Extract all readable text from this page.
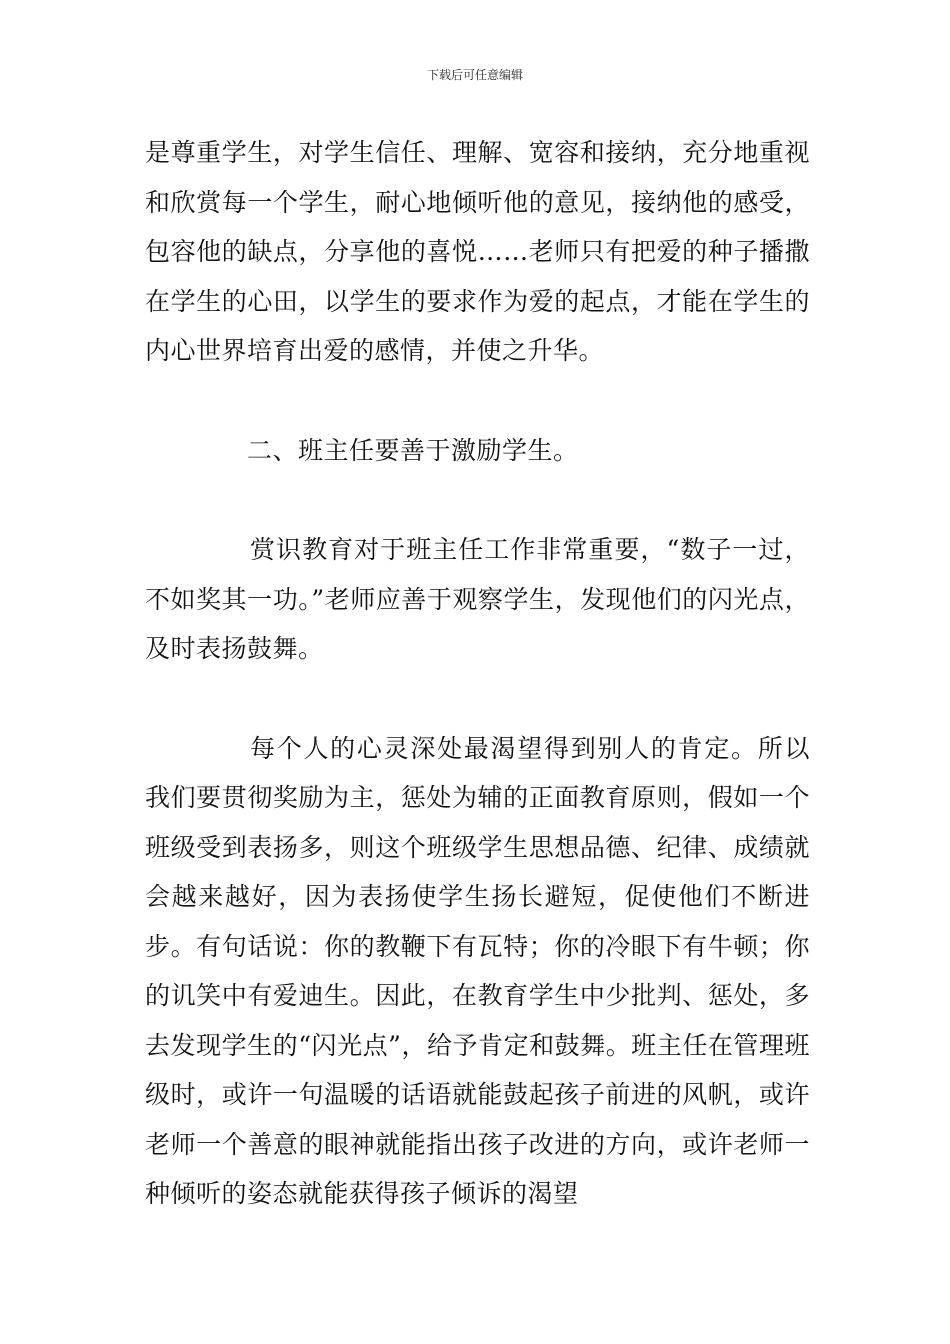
下载后可任意编辑

是尊重学生，对学生信任、理解、宽容和接纳，充分地重视和欣赏每一个学生，耐心地倾听他的意见，接纳他的感受，包容他的缺点，分享他的喜悦……老师只有把爱的种子播撒在学生的心田，以学生的要求作为爱的起点，才能在学生的内心世界培育出爱的感情，并使之升华。

二、班主任要善于激励学生。

赏识教育对于班主任工作非常重要，“数子一过，不如奖其一功。”老师应善于观察学生，发现他们的闪光点，及时表扬鼓舞。

每个人的心灵深处最渴望得到别人的肯定。所以我们要贯彻奖励为主，惩处为辅的正面教育原则，假如一个班级受到表扬多，则这个班级学生思想品德、纪律、成绩就会越来越好，因为表扬使学生扬长避短，促使他们不断进步。有句话说：你的教鞭下有瓦特；你的冷眼下有牛顿；你的讥笑中有爱迪生。因此，在教育学生中少批判、惩处，多去发现学生的“闪光点”，给予肯定和鼓舞。班主任在管理班级时，或许一句温暖的话语就能鼓起孩子前进的风帆，或许老师一个善意的眼神就能指出孩子改进的方向，或许老师一种倾听的姿态就能获得孩子倾诉的渴望
